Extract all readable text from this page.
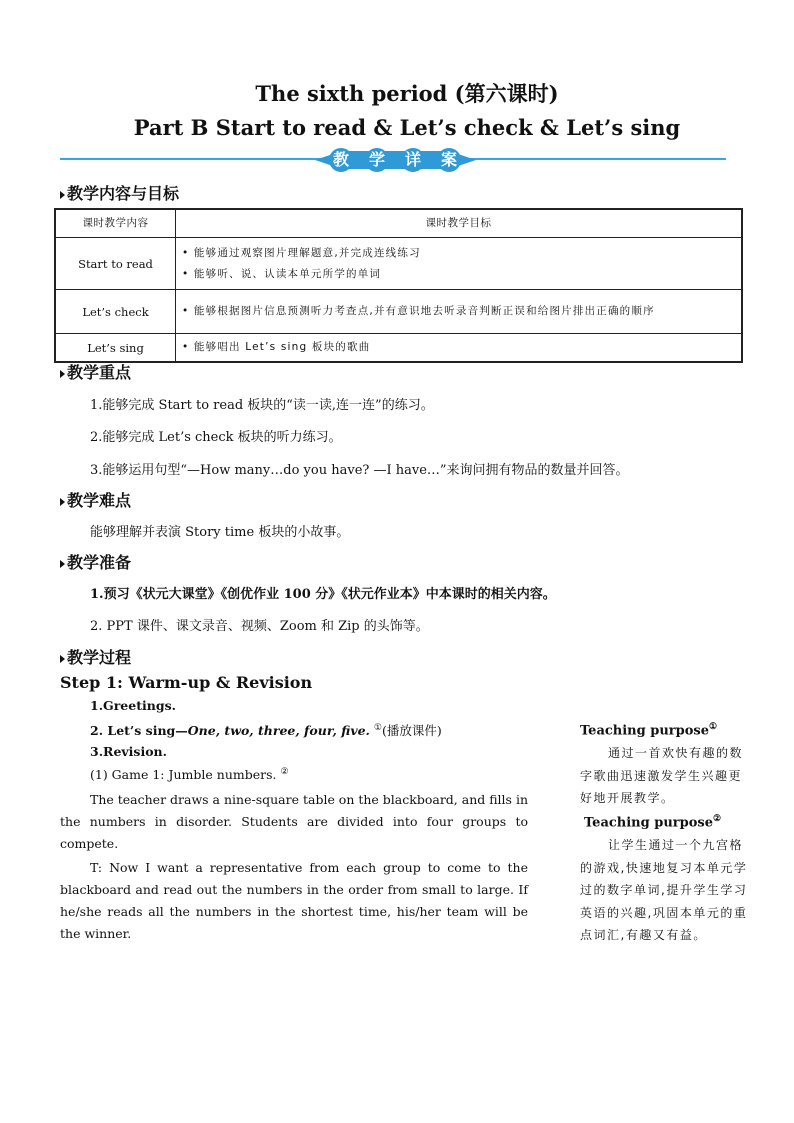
The sixth period (第六课时)
Part B Start to read & Let’s check & Let’s sing
教 学 详 案
教学内容与目标
课时教学内容	课时教学目标
Start to read	• 能够通过观察图片理解题意,并完成连线练习
• 能够听、说、认读本单元所学的单词

Let’s check	• 能够根据图片信息预测听力考查点,并有意识地去听录音判断正误和给图片排出正确的顺序
Let’s sing	• 能够唱出 Let’s sing 板块的歌曲
教学重点
1.能够完成 Start to read 板块的“读一读,连一连”的练习。
2.能够完成 Let’s check 板块的听力练习。
3.能够运用句型“—How many…do you have? —I have…”来询问拥有物品的数量并回答。
教学难点
能够理解并表演 Story time 板块的小故事。
教学准备
1.预习《状元大课堂》《创优作业 100 分》《状元作业本》中本课时的相关内容。
2. PPT 课件、课文录音、视频、Zoom 和 Zip 的头饰等。
教学过程
Step 1: Warm-up & Revision
1.Greetings.
2. Let’s sing—One, two, three, four, five. ①(播放课件)
3.Revision.
(1) Game 1: Jumble numbers. ②
The teacher draws a nine-square table on the blackboard, and fills in the numbers in disorder. Students are divided into four groups to compete.
T: Now I want a representative from each group to come to the blackboard and read out the numbers in the order from small to large. If he/she reads all the numbers in the shortest time, his/her team will be the winner.
Teaching purpose①
通过一首欢快有趣的数字歌曲迅速激发学生兴趣更好地开展教学。
Teaching purpose②
让学生通过一个九宫格的游戏,快速地复习本单元学过的数字单词,提升学生学习英语的兴趣,巩固本单元的重点词汇,有趣又有益。
